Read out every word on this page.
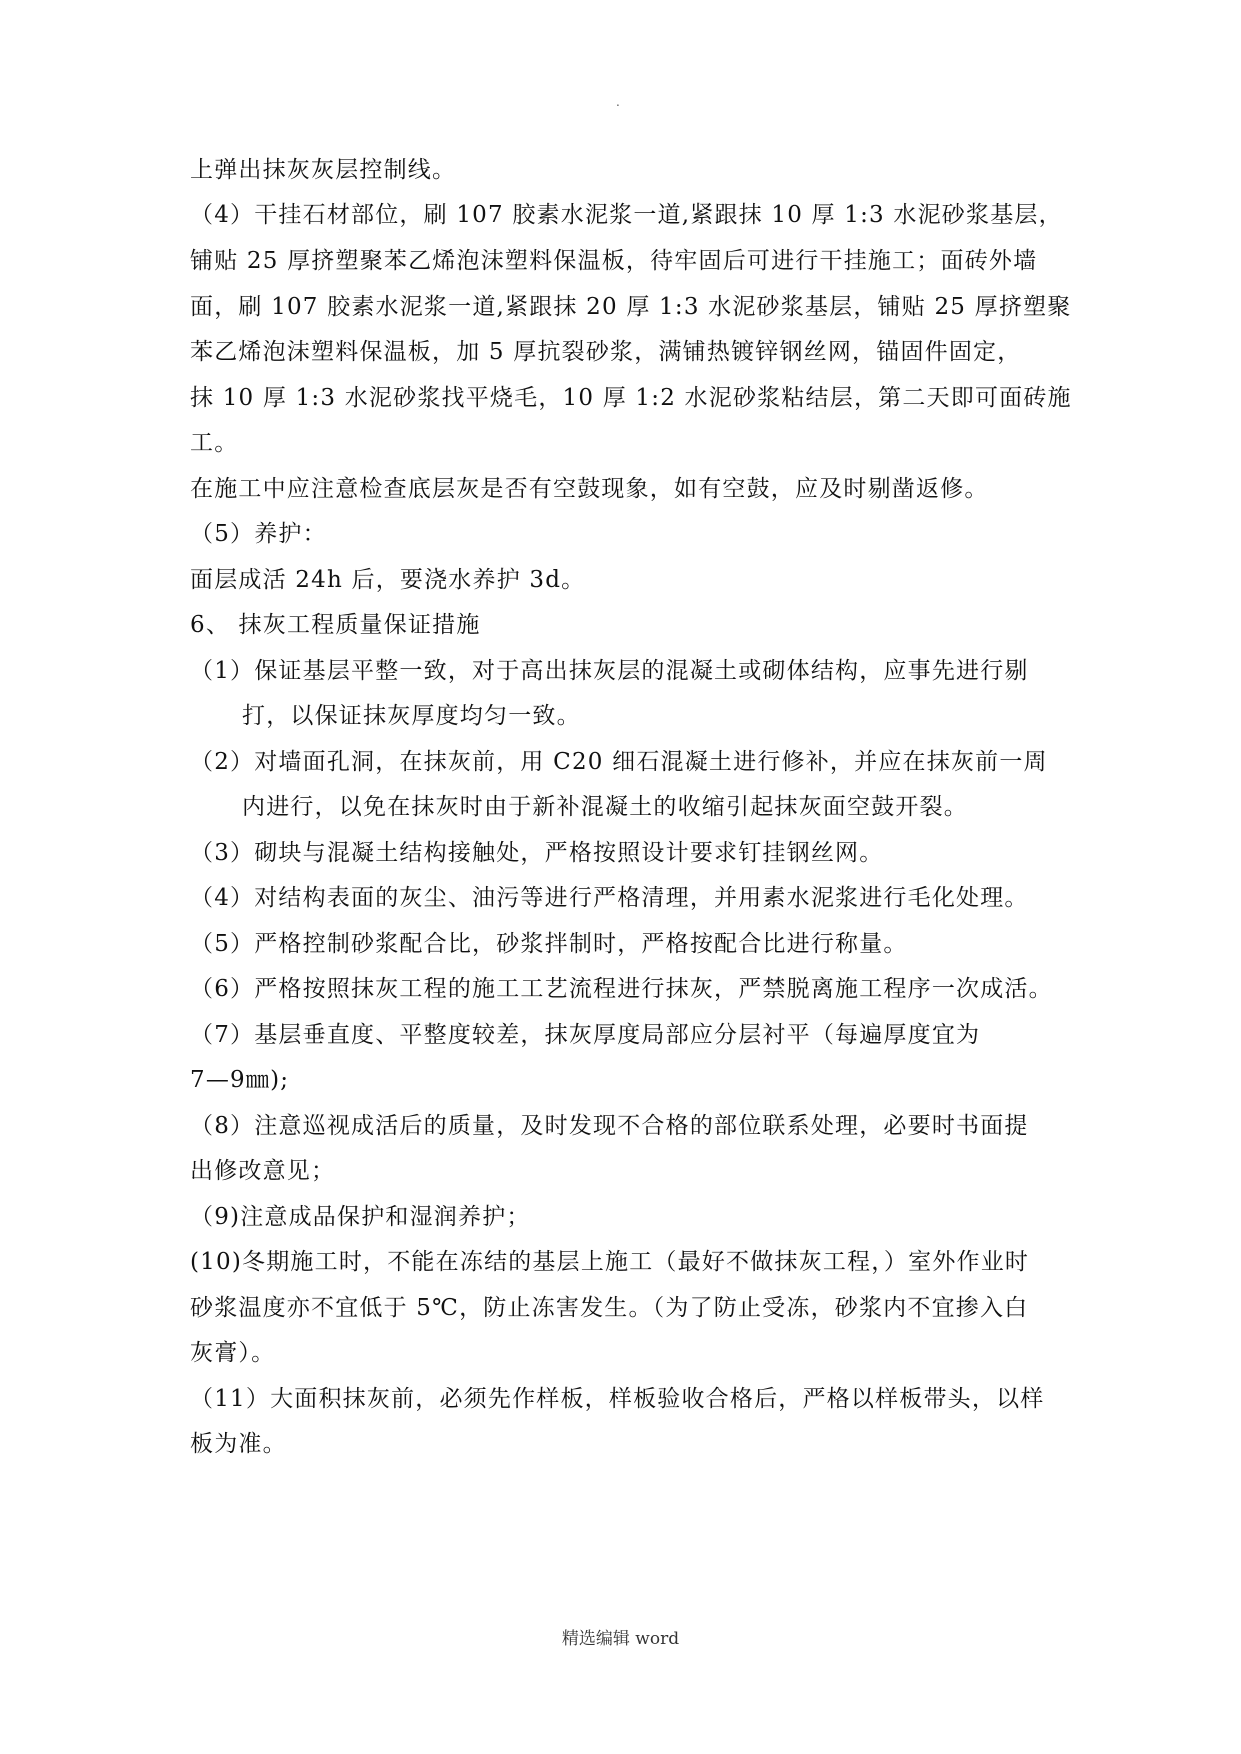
.
上弹出抹灰灰层控制线。
（4）干挂石材部位，刷 107 胶素水泥浆一道,紧跟抹 10 厚 1:3 水泥砂浆基层，
铺贴 25 厚挤塑聚苯乙烯泡沫塑料保温板，待牢固后可进行干挂施工；面砖外墙
面，刷 107 胶素水泥浆一道,紧跟抹 20 厚 1:3 水泥砂浆基层，铺贴 25 厚挤塑聚
苯乙烯泡沫塑料保温板，加 5 厚抗裂砂浆，满铺热镀锌钢丝网，锚固件固定，
抹 10 厚 1:3 水泥砂浆找平烧毛，10 厚 1:2 水泥砂浆粘结层，第二天即可面砖施
工。
在施工中应注意检查底层灰是否有空鼓现象，如有空鼓，应及时剔凿返修。
（5）养护：
面层成活 24h 后，要浇水养护 3d。
6、 抹灰工程质量保证措施
（1）保证基层平整一致，对于高出抹灰层的混凝土或砌体结构，应事先进行剔
打，以保证抹灰厚度均匀一致。
（2）对墙面孔洞，在抹灰前，用 C20 细石混凝土进行修补，并应在抹灰前一周
内进行，以免在抹灰时由于新补混凝土的收缩引起抹灰面空鼓开裂。
（3）砌块与混凝土结构接触处，严格按照设计要求钉挂钢丝网。
（4）对结构表面的灰尘、油污等进行严格清理，并用素水泥浆进行毛化处理。
（5）严格控制砂浆配合比，砂浆拌制时，严格按配合比进行称量。
（6）严格按照抹灰工程的施工工艺流程进行抹灰，严禁脱离施工程序一次成活。
（7）基层垂直度、平整度较差，抹灰厚度局部应分层衬平（每遍厚度宜为
7—9㎜);
（8）注意巡视成活后的质量，及时发现不合格的部位联系处理，必要时书面提
出修改意见；
（9)注意成品保护和湿润养护；
(10)冬期施工时，不能在冻结的基层上施工（最好不做抹灰工程，）室外作业时
砂浆温度亦不宜低于 5℃，防止冻害发生。（为了防止受冻，砂浆内不宜掺入白
灰膏）。
（11）大面积抹灰前，必须先作样板，样板验收合格后，严格以样板带头，以样
板为准。
精选编辑 word
